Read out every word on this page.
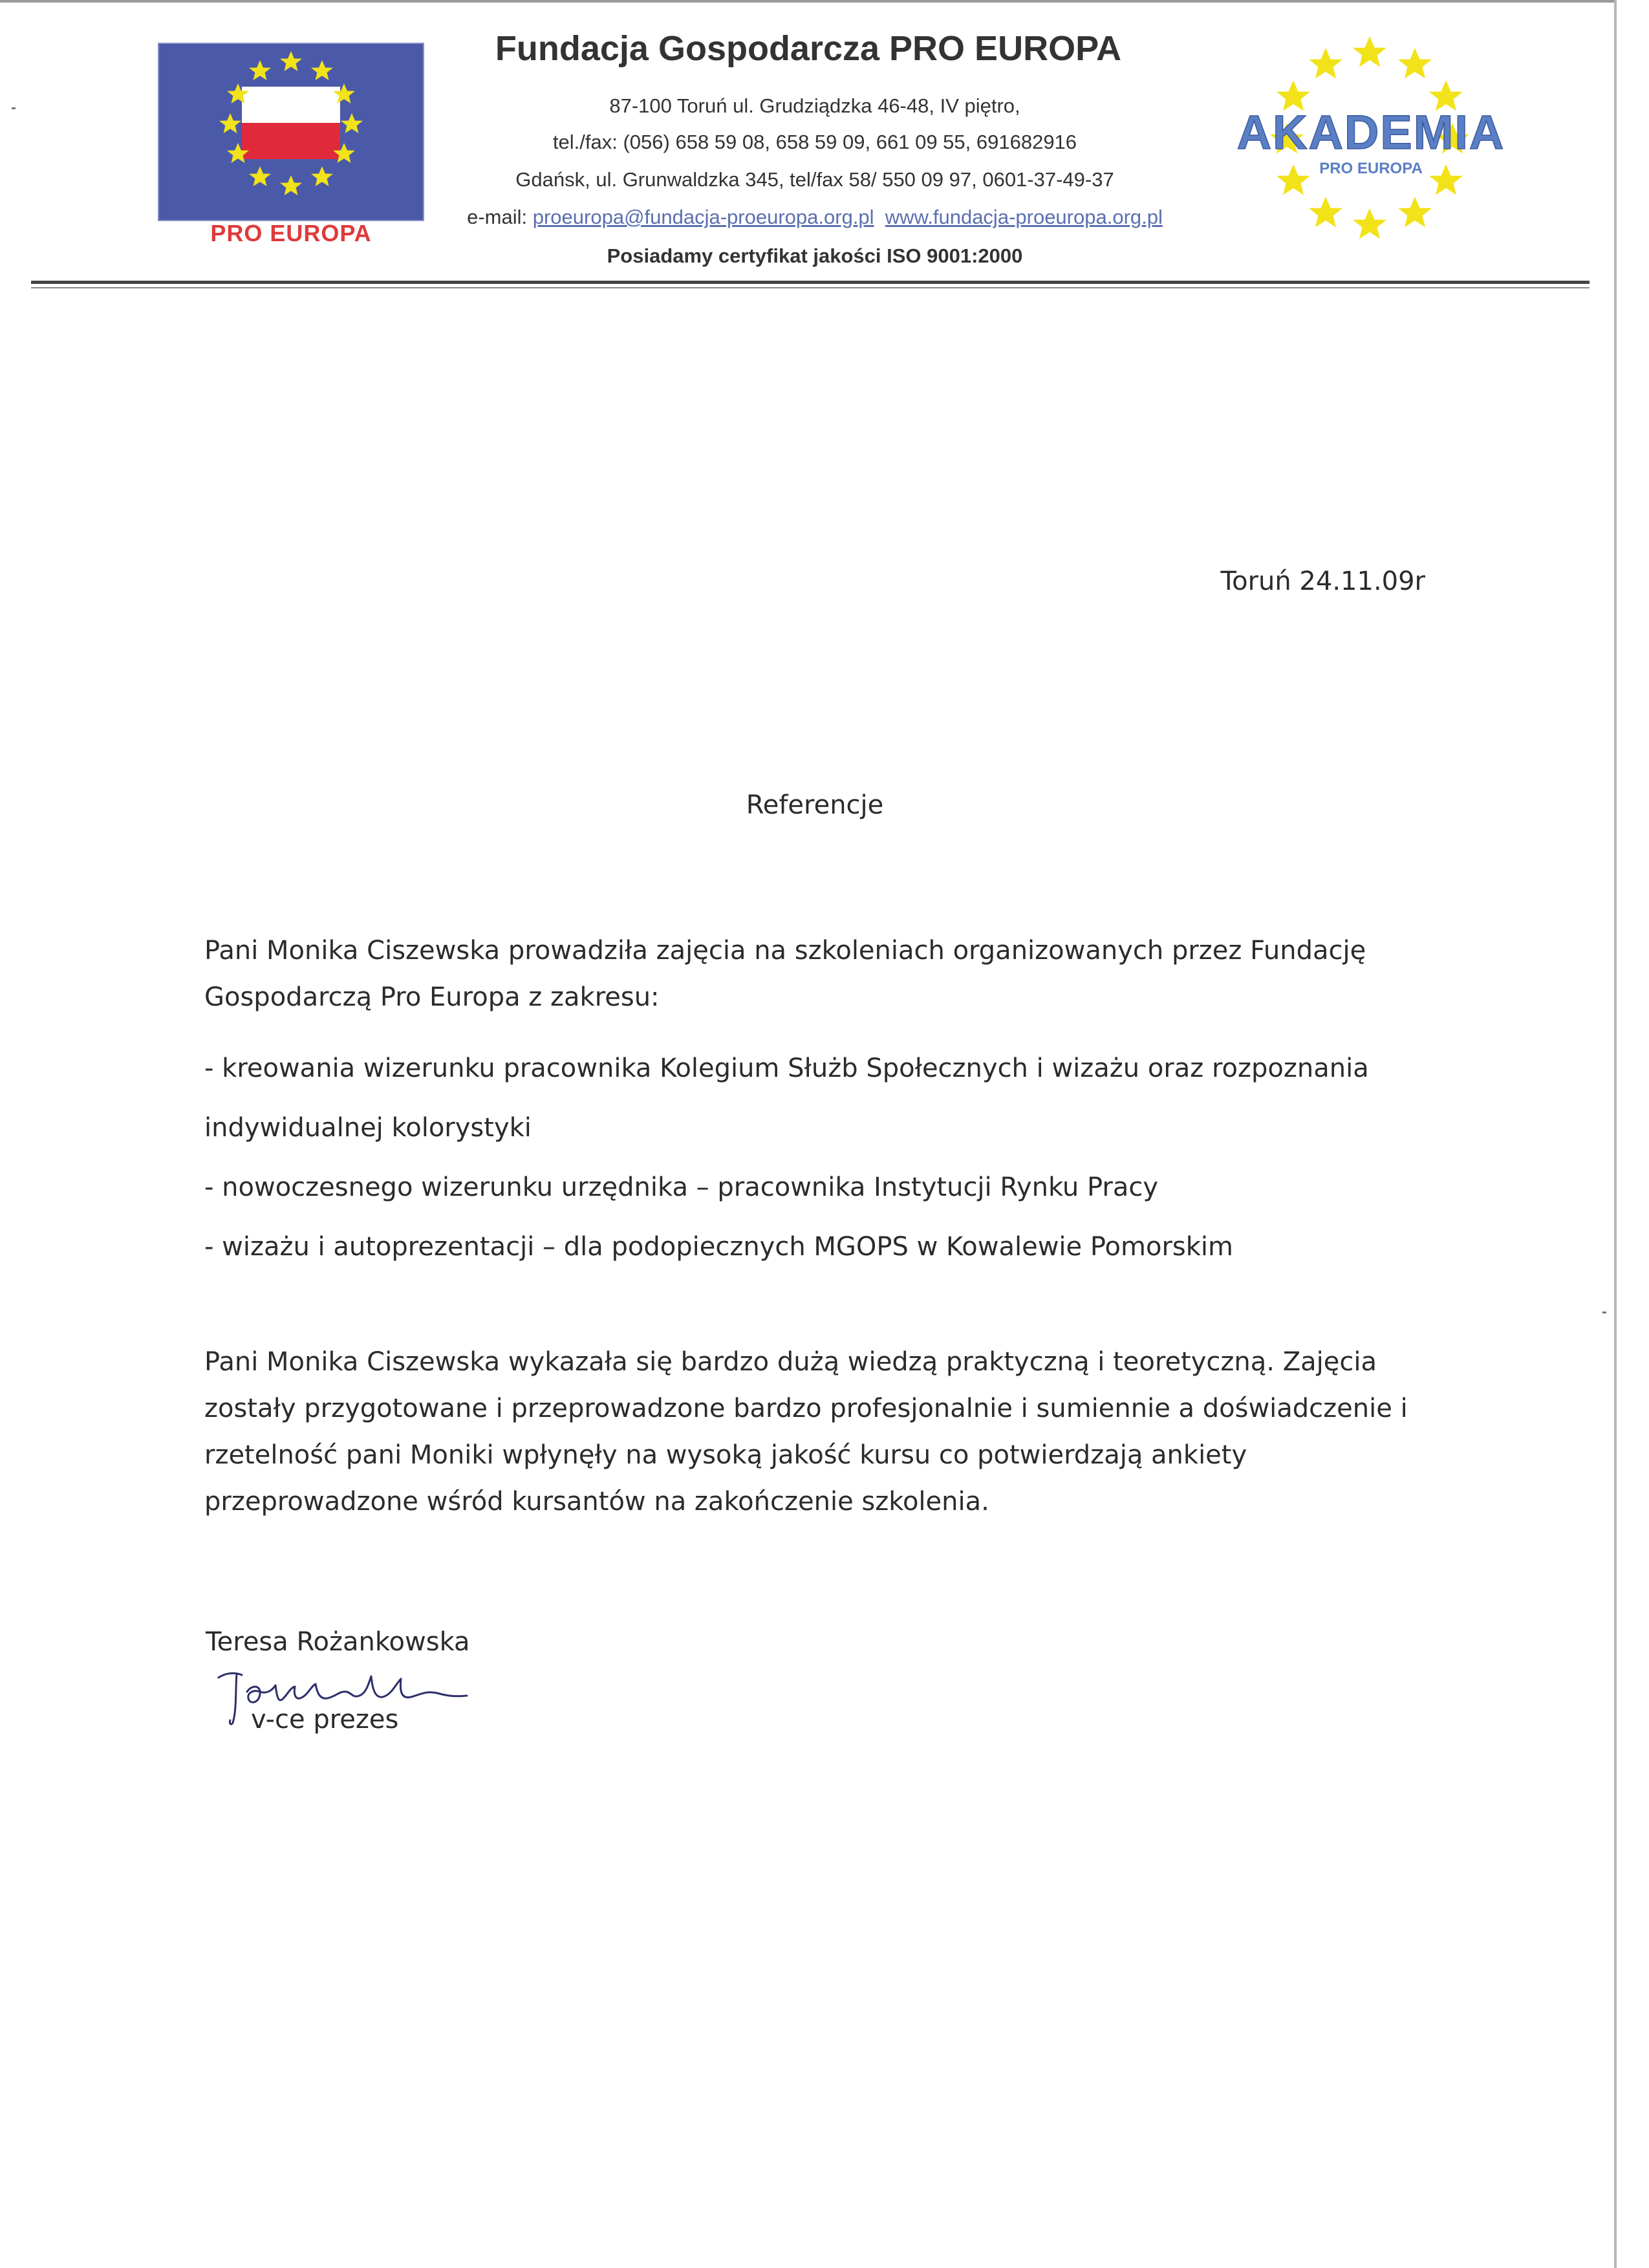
PRO EUROPA
Fundacja Gospodarcza PRO EUROPA
87-100 Toruń ul. Grudziądzka 46-48, IV piętro,
tel./fax: (056) 658 59 08, 658 59 09, 661 09 55, 691682916
Gdańsk, ul. Grunwaldzka 345, tel/fax 58/ 550 09 97, 0601-37-49-37
e-mail: proeuropa@fundacja-proeuropa.org.pl www.fundacja-proeuropa.org.pl
Posiadamy certyfikat jakości ISO 9001:2000
AKADEMIA
PRO EUROPA
Toruń 24.11.09r
Referencje
Pani Monika Ciszewska prowadziła zajęcia na szkoleniach organizowanych przez Fundację Gospodarczą Pro Europa z zakresu:
- kreowania wizerunku pracownika Kolegium Służb Społecznych i wizażu oraz rozpoznania
indywidualnej kolorystyki
- nowoczesnego wizerunku urzędnika – pracownika Instytucji Rynku Pracy
- wizażu i autoprezentacji – dla podopiecznych MGOPS w Kowalewie Pomorskim
Pani Monika Ciszewska wykazała się bardzo dużą wiedzą praktyczną i teoretyczną. Zajęcia zostały przygotowane i przeprowadzone bardzo profesjonalnie i sumiennie a doświadczenie i rzetelność pani Moniki wpłynęły na wysoką jakość kursu co potwierdzają ankiety przeprowadzone wśród kursantów na zakończenie szkolenia.
Teresa Rożankowska
v-ce prezes
